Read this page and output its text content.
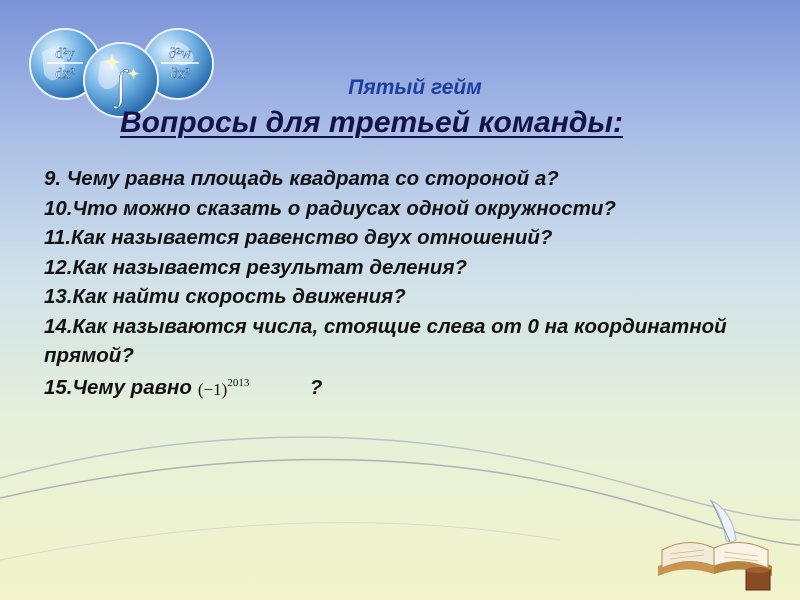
d²y
dx²
∂²w
∂x²
∫	Пятый гейм
Вопросы для третьей команды:
9. Чему равна площадь квадрата со стороной а?
10.Что можно сказать о радиусах одной окружности?
11.Как называется равенство двух отношений?
12.Как называется результат деления?
13.Как найти скорость движения?
14.Как называются числа, стоящие слева от 0 на координатной прямой?
15.Чему равно $(-1)^{2013}$	?
